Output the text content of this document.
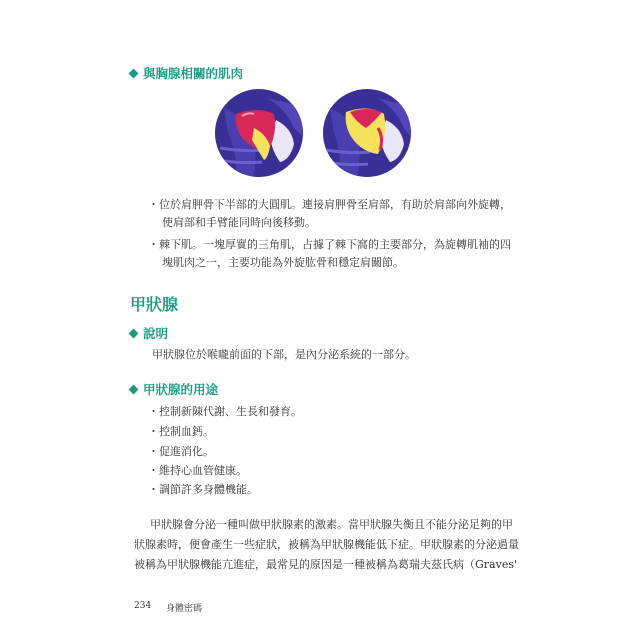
與胸腺相關的肌肉
・位於肩胛骨下半部的大圓肌。連接肩胛骨至肩部，有助於肩部向外旋轉，
使肩部和手臂能同時向後移動。
・棘下肌。一塊厚實的三角肌，占據了棘下窩的主要部分，為旋轉肌袖的四
塊肌肉之一，主要功能為外旋肱骨和穩定肩關節。
甲狀腺
說明
甲狀腺位於喉嚨前面的下部，是內分泌系統的一部分。
甲狀腺的用途
・控制新陳代謝、生長和發育。
・控制血鈣。
・促進消化。
・維持心血管健康。
・調節許多身體機能。
甲狀腺會分泌一種叫做甲狀腺素的激素。當甲狀腺失衡且不能分泌足夠的甲
狀腺素時，便會產生一些症狀，被稱為甲狀腺機能低下症。甲狀腺素的分泌過量
被稱為甲狀腺機能亢進症，最常見的原因是一種被稱為葛瑞夫茲氏病（Graves'
234 身體密碼
